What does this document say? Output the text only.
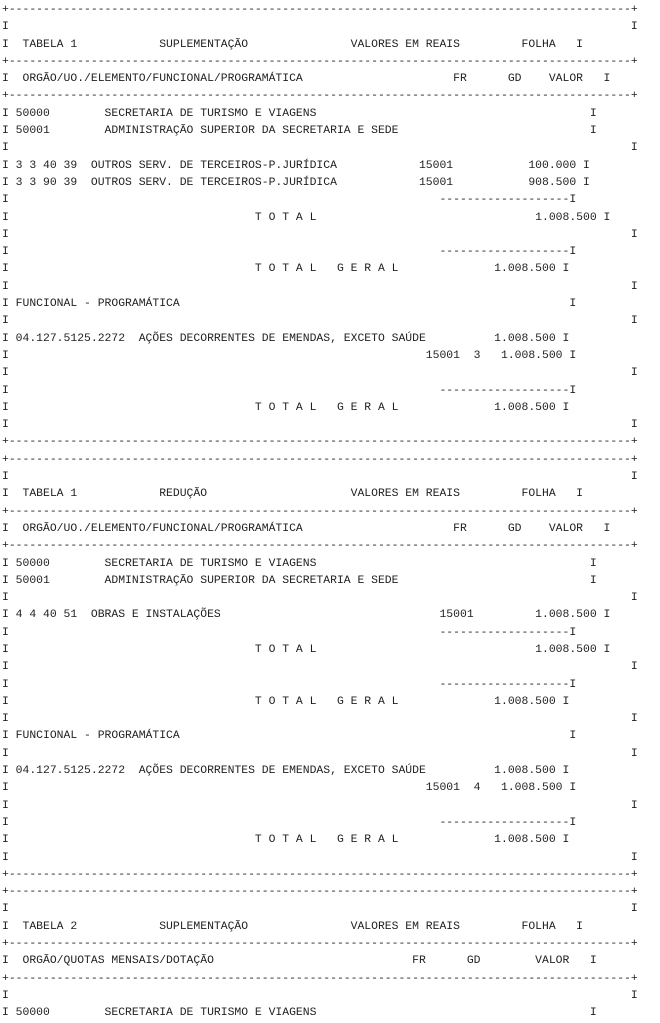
+-------------------------------------------------------------------------------------------+
I                                                                                           I
I  TABELA 1            SUPLEMENTAÇÃO               VALORES EM REAIS         FOLHA   I
+-------------------------------------------------------------------------------------------+
I  ORGÃO/UO./ELEMENTO/FUNCIONAL/PROGRAMÁTICA                      FR      GD    VALOR   I
+-------------------------------------------------------------------------------------------+
I 50000        SECRETARIA DE TURISMO E VIAGENS                                        I
I 50001        ADMINISTRAÇÃO SUPERIOR DA SECRETARIA E SEDE                            I
I                                                                                           I
I 3 3 40 39  OUTROS SERV. DE TERCEIROS-P.JURÍDICA            15001           100.000 I
I 3 3 90 39  OUTROS SERV. DE TERCEIROS-P.JURÍDICA            15001           908.500 I
I                                                               -------------------I
I                                    T O T A L                                1.008.500 I
I                                                                                           I
I                                                               -------------------I
I                                    T O T A L   G E R A L              1.008.500 I
I                                                                                           I
I FUNCIONAL - PROGRAMÁTICA                                                         I
I                                                                                           I
I 04.127.5125.2272  AÇÕES DECORRENTES DE EMENDAS, EXCETO SAÚDE          1.008.500 I
I                                                             15001  3   1.008.500 I
I                                                                                           I
I                                                               -------------------I
I                                    T O T A L   G E R A L              1.008.500 I
I                                                                                           I
+-------------------------------------------------------------------------------------------+
+-------------------------------------------------------------------------------------------+
I                                                                                           I
I  TABELA 1            REDUÇÃO                     VALORES EM REAIS         FOLHA   I
+-------------------------------------------------------------------------------------------+
I  ORGÃO/UO./ELEMENTO/FUNCIONAL/PROGRAMÁTICA                      FR      GD    VALOR   I
+-------------------------------------------------------------------------------------------+
I 50000        SECRETARIA DE TURISMO E VIAGENS                                        I
I 50001        ADMINISTRAÇÃO SUPERIOR DA SECRETARIA E SEDE                            I
I                                                                                           I
I 4 4 40 51  OBRAS E INSTALAÇÕES                                15001         1.008.500 I
I                                                               -------------------I
I                                    T O T A L                                1.008.500 I
I                                                                                           I
I                                                               -------------------I
I                                    T O T A L   G E R A L              1.008.500 I
I                                                                                           I
I FUNCIONAL - PROGRAMÁTICA                                                         I
I                                                                                           I
I 04.127.5125.2272  AÇÕES DECORRENTES DE EMENDAS, EXCETO SAÚDE          1.008.500 I
I                                                             15001  4   1.008.500 I
I                                                                                           I
I                                                               -------------------I
I                                    T O T A L   G E R A L              1.008.500 I
I                                                                                           I
+-------------------------------------------------------------------------------------------+
+-------------------------------------------------------------------------------------------+
I                                                                                           I
I  TABELA 2            SUPLEMENTAÇÃO               VALORES EM REAIS         FOLHA   I
+-------------------------------------------------------------------------------------------+
I  ORGÃO/QUOTAS MENSAIS/DOTAÇÃO                             FR      GD        VALOR   I
+-------------------------------------------------------------------------------------------+
I                                                                                           I
I 50000        SECRETARIA DE TURISMO E VIAGENS                                        I
